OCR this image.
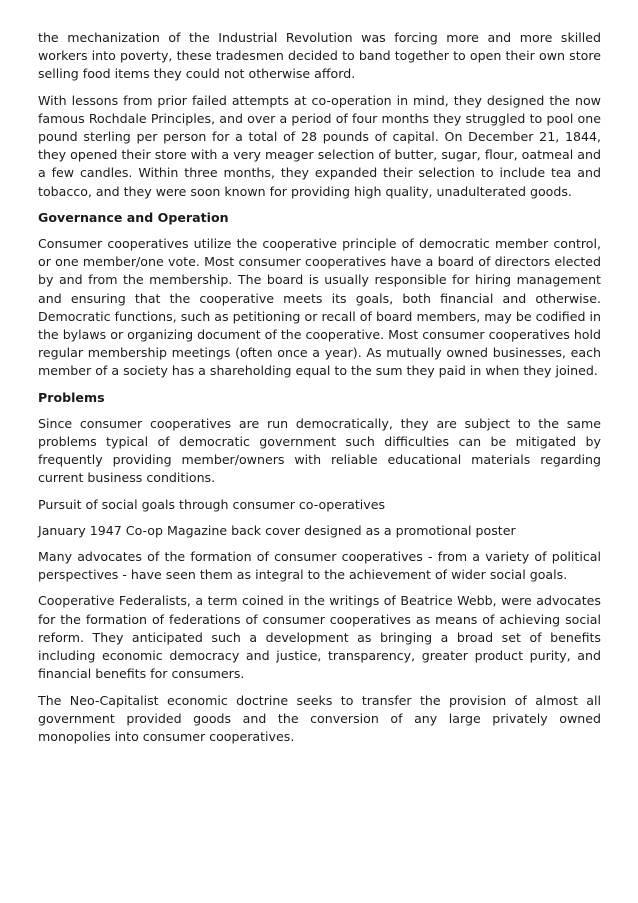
the mechanization of the Industrial Revolution was forcing more and more skilled workers into poverty, these tradesmen decided to band together to open their own store selling food items they could not otherwise afford.

With lessons from prior failed attempts at co-operation in mind, they designed the now famous Rochdale Principles, and over a period of four months they struggled to pool one pound sterling per person for a total of 28 pounds of capital. On December 21, 1844, they opened their store with a very meager selection of butter, sugar, flour, oatmeal and a few candles. Within three months, they expanded their selection to include tea and tobacco, and they were soon known for providing high quality, unadulterated goods.

Governance and Operation

Consumer cooperatives utilize the cooperative principle of democratic member control, or one member/one vote. Most consumer cooperatives have a board of directors elected by and from the membership. The board is usually responsible for hiring management and ensuring that the cooperative meets its goals, both financial and otherwise. Democratic functions, such as petitioning or recall of board members, may be codified in the bylaws or organizing document of the cooperative. Most consumer cooperatives hold regular membership meetings (often once a year). As mutually owned businesses, each member of a society has a shareholding equal to the sum they paid in when they joined.

Problems

Since consumer cooperatives are run democratically, they are subject to the same problems typical of democratic government such difficulties can be mitigated by frequently providing member/owners with reliable educational materials regarding current business conditions.

Pursuit of social goals through consumer co-operatives

January 1947 Co-op Magazine back cover designed as a promotional poster

Many advocates of the formation of consumer cooperatives - from a variety of political perspectives - have seen them as integral to the achievement of wider social goals.

Cooperative Federalists, a term coined in the writings of Beatrice Webb, were advocates for the formation of federations of consumer cooperatives as means of achieving social reform. They anticipated such a development as bringing a broad set of benefits including economic democracy and justice, transparency, greater product purity, and financial benefits for consumers.

The Neo-Capitalist economic doctrine seeks to transfer the provision of almost all government provided goods and the conversion of any large privately owned monopolies into consumer cooperatives.
